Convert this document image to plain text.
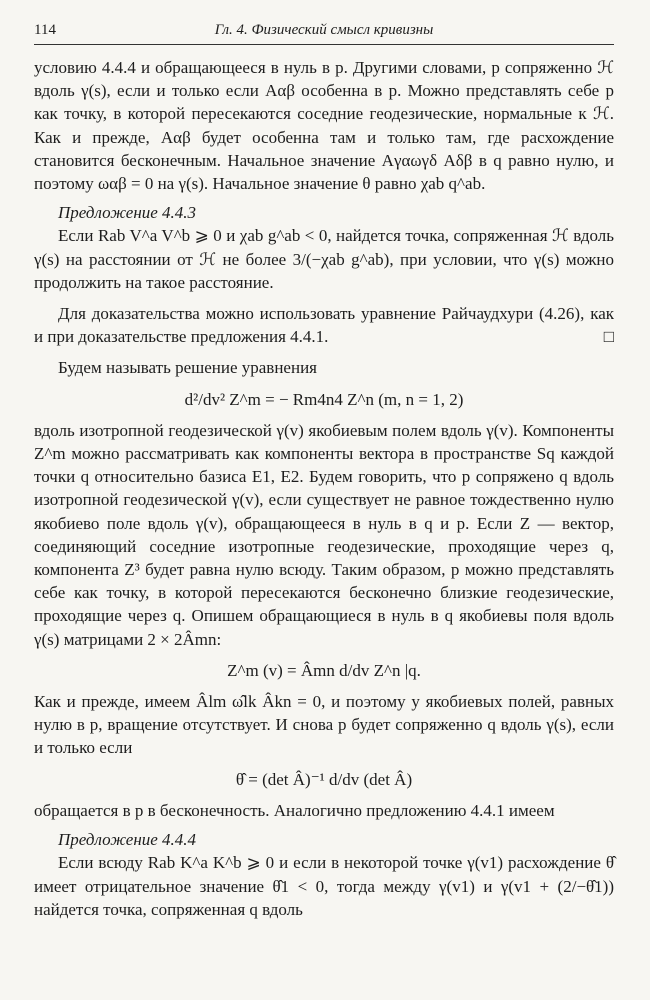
114	Гл. 4. Физический смысл кривизны

условию 4.4.4 и обращающееся в нуль в p. Другими словами, p сопряженно ℋ вдоль γ(s), если и только если Aαβ особенна в p. Можно представлять себе p как точку, в которой пересекаются соседние геодезические, нормальные к ℋ. Как и прежде, Aαβ будет особенна там и только там, где расхождение становится бесконечным. Начальное значение Aγαωγδ Aδβ в q равно нулю, и поэтому ωαβ = 0 на γ(s). Начальное значение θ равно χab q^ab.

Предложение 4.4.3

Если Rab V^a V^b ⩾ 0 и χab g^ab < 0, найдется точка, сопряженная ℋ вдоль γ(s) на расстоянии от ℋ не более 3/(−χab g^ab), при условии, что γ(s) можно продолжить на такое расстояние.

Для доказательства можно использовать уравнение Райчаудхури (4.26), как и при доказательстве предложения 4.4.1.	□

Будем называть решение уравнения

d²/dv² Z^m = − Rm4n4 Z^n (m, n = 1, 2)

вдоль изотропной геодезической γ(v) якобиевым полем вдоль γ(v). Компоненты Z^m можно рассматривать как компоненты вектора в пространстве Sq каждой точки q относительно базиса E1, E2. Будем говорить, что p сопряжено q вдоль изотропной геодезической γ(v), если существует не равное тождественно нулю якобиево поле вдоль γ(v), обращающееся в нуль в q и p. Если Z — вектор, соединяющий соседние изотропные геодезические, проходящие через q, компонента Z³ будет равна нулю всюду. Таким образом, p можно представлять себе как точку, в которой пересекаются бесконечно близкие геодезические, проходящие через q. Опишем обращающиеся в нуль в q якобиевы поля вдоль γ(s) матрицами 2 × 2Âmn:

Z^m (v) = Âmn d/dv Z^n |q.

Как и прежде, имеем Âlm ω̂lk Âkn = 0, и поэтому у якобиевых полей, равных нулю в p, вращение отсутствует. И снова p будет сопряженно q вдоль γ(s), если и только если

θ̂ = (det Â)⁻¹ d/dv (det Â)

обращается в p в бесконечность. Аналогично предложению 4.4.1 имеем

Предложение 4.4.4

Если всюду Rab K^a K^b ⩾ 0 и если в некоторой точке γ(v1) расхождение θ̂ имеет отрицательное значение θ̂1 < 0, тогда между γ(v1) и γ(v1 + (2/−θ̂1)) найдется точка, сопряженная q вдоль
